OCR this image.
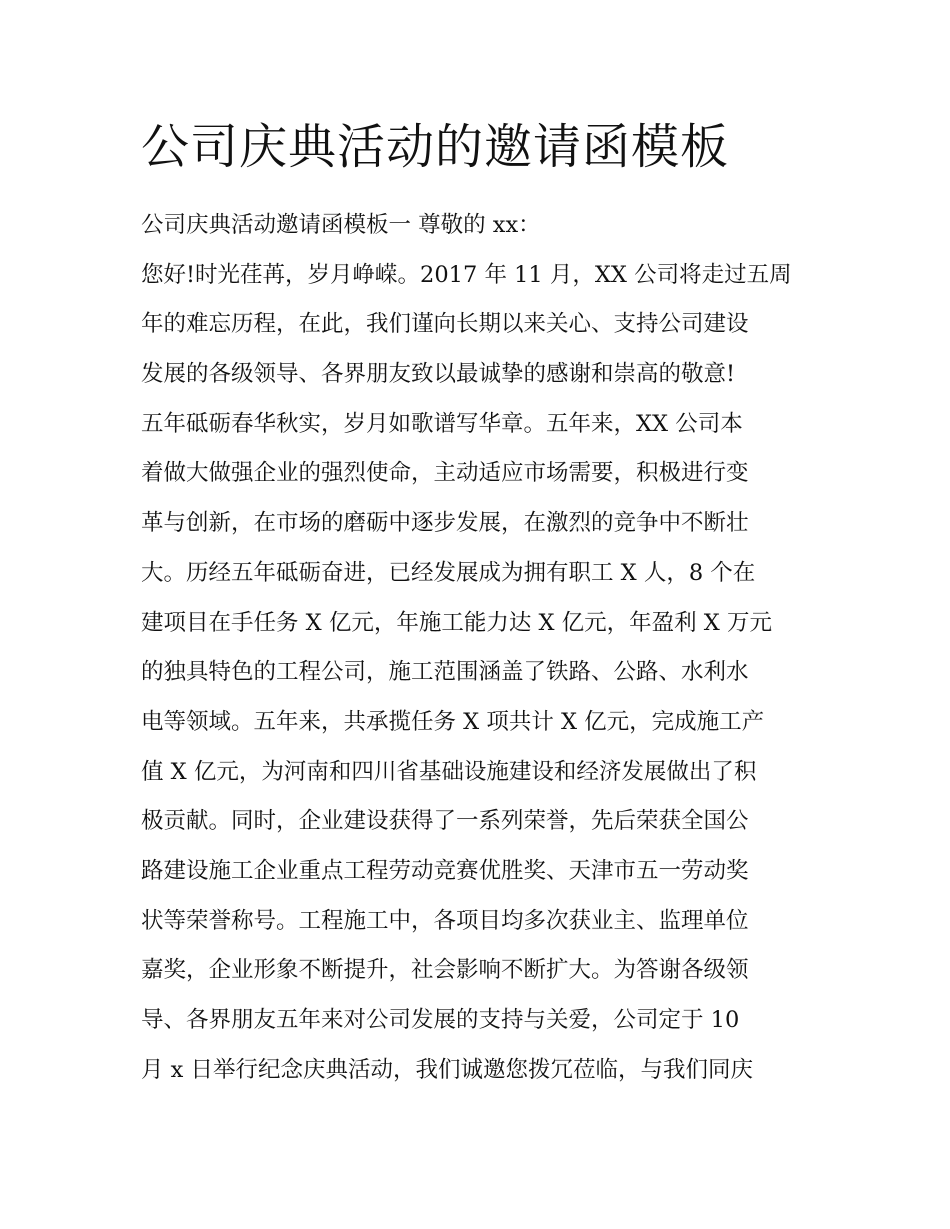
公司庆典活动的邀请函模板
公司庆典活动邀请函模板一 尊敬的 xx：
您好!时光荏苒，岁月峥嵘。2017 年 11 月，XX 公司将走过五周
年的难忘历程，在此，我们谨向长期以来关心、支持公司建设
发展的各级领导、各界朋友致以最诚挚的感谢和崇高的敬意!
五年砥砺春华秋实，岁月如歌谱写华章。五年来，XX 公司本
着做大做强企业的强烈使命，主动适应市场需要，积极进行变
革与创新，在市场的磨砺中逐步发展，在激烈的竞争中不断壮
大。历经五年砥砺奋进，已经发展成为拥有职工 X 人，8 个在
建项目在手任务 X 亿元，年施工能力达 X 亿元，年盈利 X 万元
的独具特色的工程公司，施工范围涵盖了铁路、公路、水利水
电等领域。五年来，共承揽任务 X 项共计 X 亿元，完成施工产
值 X 亿元，为河南和四川省基础设施建设和经济发展做出了积
极贡献。同时，企业建设获得了一系列荣誉，先后荣获全国公
路建设施工企业重点工程劳动竞赛优胜奖、天津市五一劳动奖
状等荣誉称号。工程施工中，各项目均多次获业主、监理单位
嘉奖，企业形象不断提升，社会影响不断扩大。为答谢各级领
导、各界朋友五年来对公司发展的支持与关爱，公司定于 10
月 x 日举行纪念庆典活动，我们诚邀您拨冗莅临，与我们同庆
